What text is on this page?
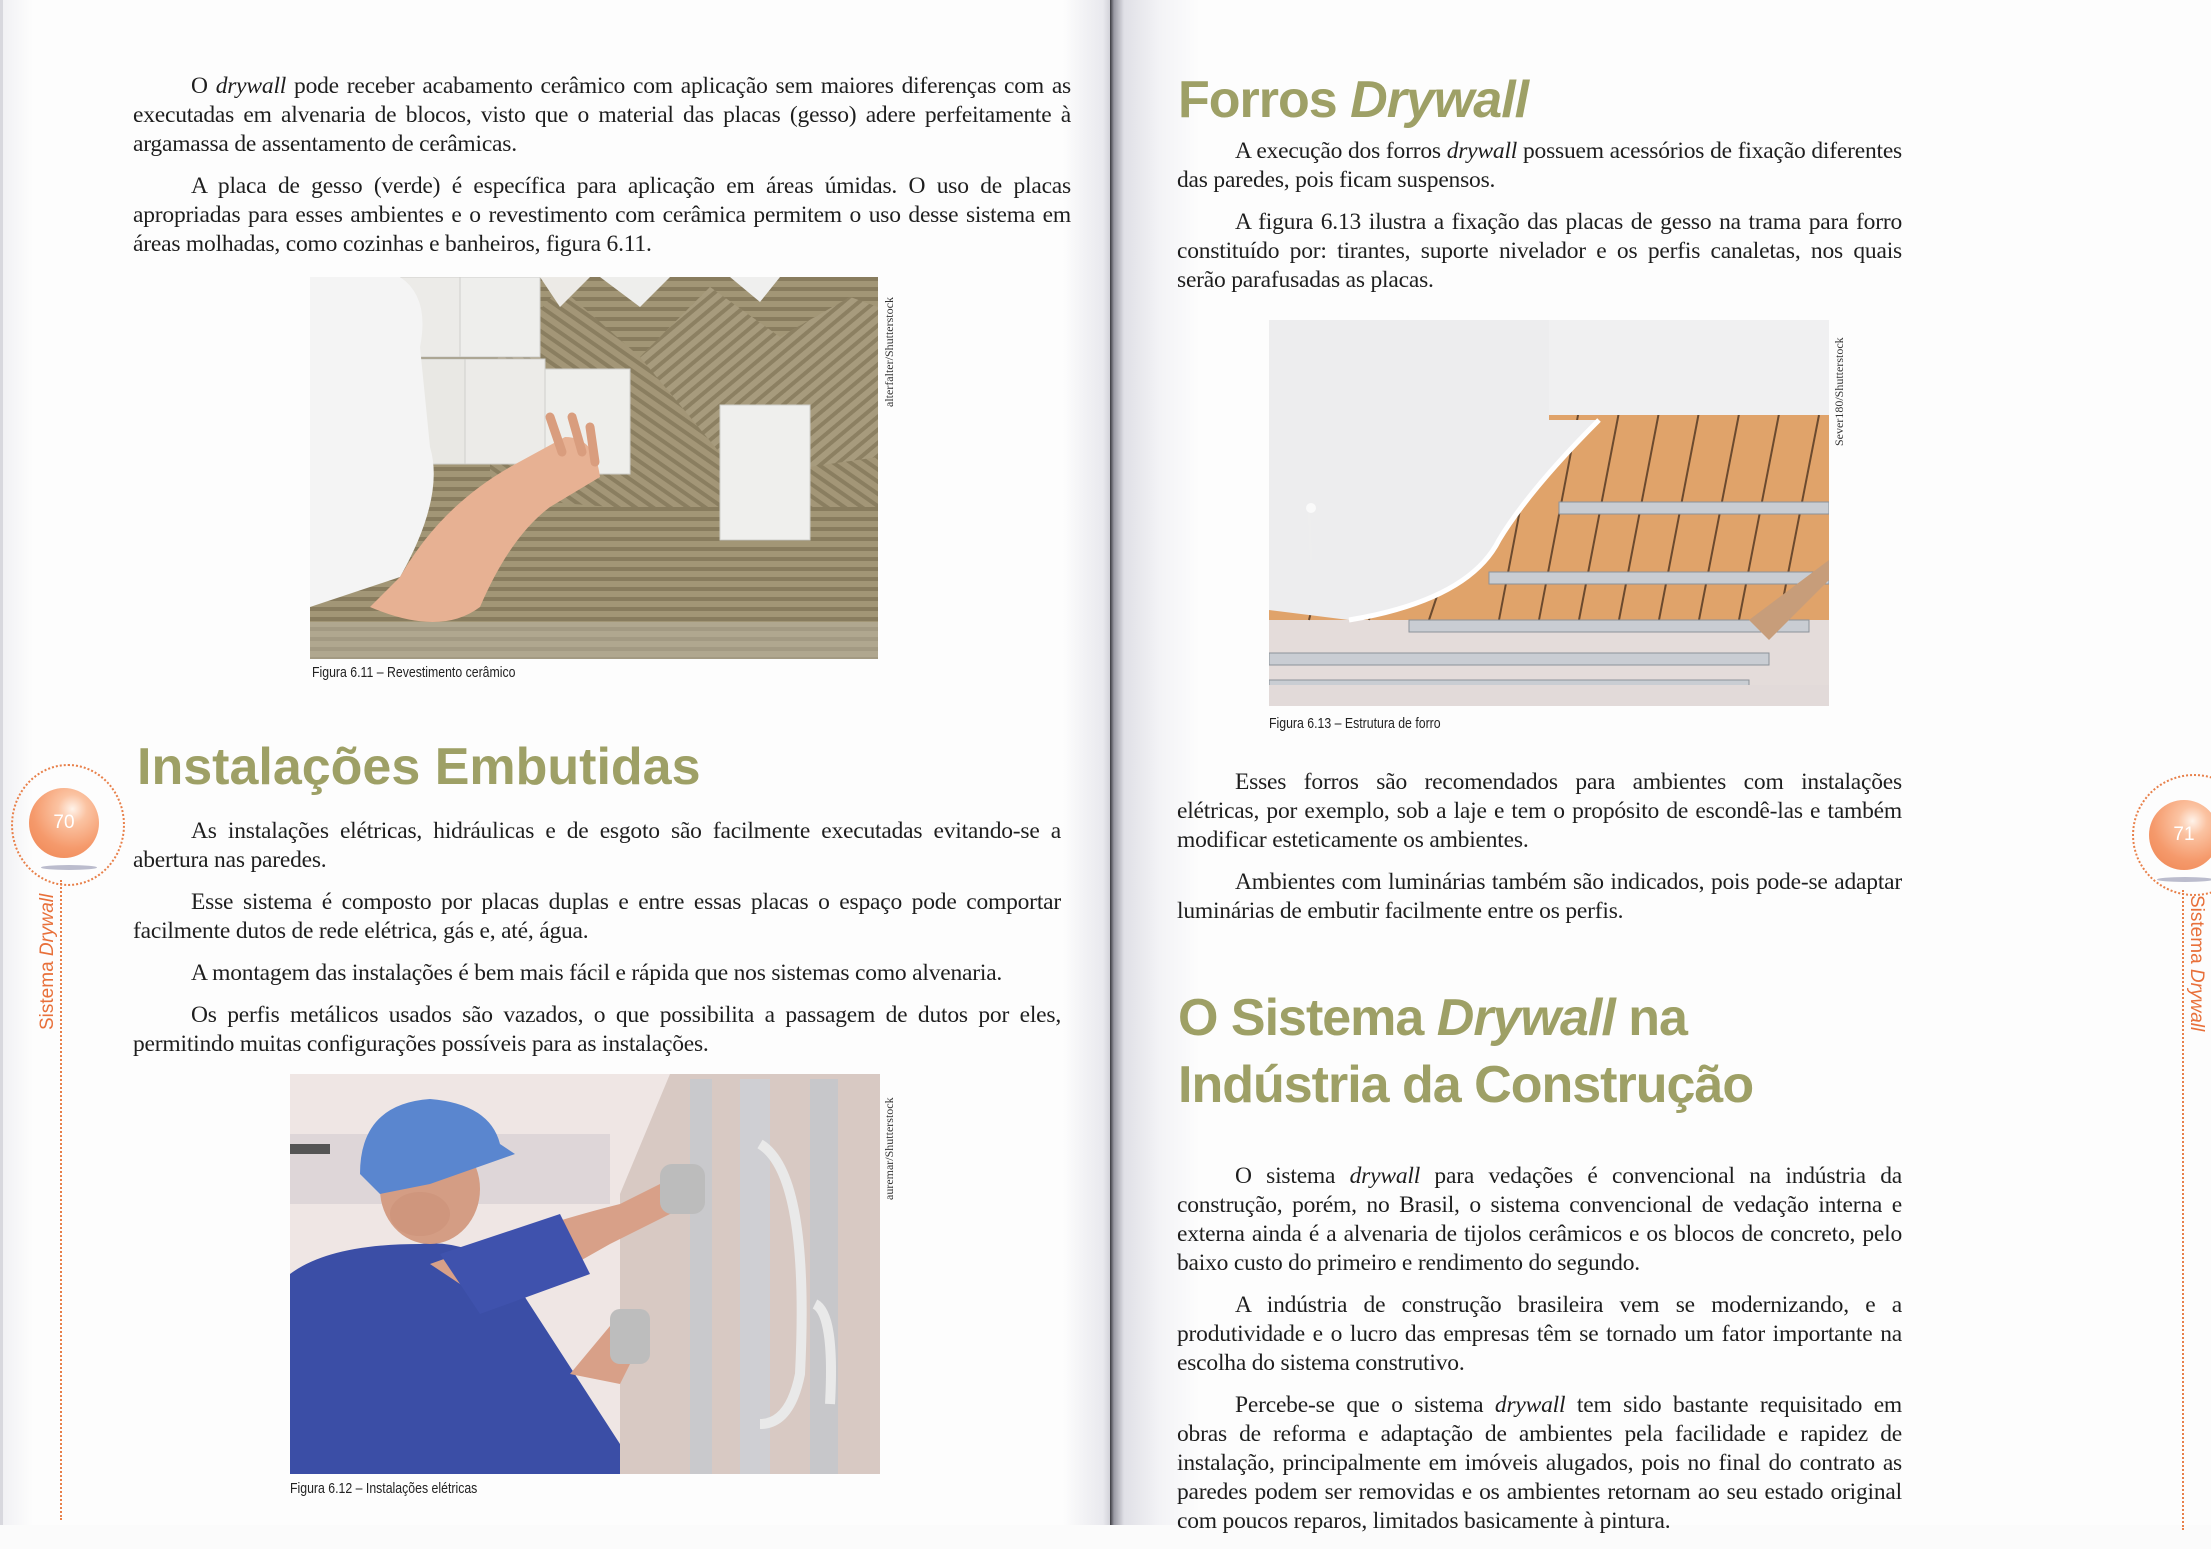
O drywall pode receber acabamento cerâmico com aplicação sem maiores diferenças com as executadas em alvenaria de blocos, visto que o material das placas (gesso) adere perfeitamente à argamassa de assentamento de cerâmicas.

A placa de gesso (verde) é específica para aplicação em áreas úmidas. O uso de placas apropriadas para esses ambientes e o revestimento com cerâmica permitem o uso desse sistema em áreas molhadas, como cozinhas e banheiros, figura 6.11.

alterfalter/Shutterstock
Figura 6.11 – Revestimento cerâmico
Instalações Embutidas

As instalações elétricas, hidráulicas e de esgoto são facilmente executadas evitando-se a abertura nas paredes.

Esse sistema é composto por placas duplas e entre essas placas o espaço pode comportar facilmente dutos de rede elétrica, gás e, até, água.

A montagem das instalações é bem mais fácil e rápida que nos sistemas como alvenaria.

Os perfis metálicos usados são vazados, o que possibilita a passagem de dutos por eles, permitindo muitas configurações possíveis para as instalações.

auremar/Shutterstock
Figura 6.12 – Instalações elétricas
70
Sistema Drywall
Forros Drywall

A execução dos forros drywall possuem acessórios de fixação diferentes das paredes, pois ficam suspensos.

A figura 6.13 ilustra a fixação das placas de gesso na trama para forro constituído por: tirantes, suporte nivelador e os perfis canaletas, nos quais serão parafusadas as placas.

Sever180/Shutterstock
Figura 6.13 – Estrutura de forro

Esses forros são recomendados para ambientes com instalações elétricas, por exemplo, sob a laje e tem o propósito de escondê-las e também modificar esteticamente os ambientes.

Ambientes com luminárias também são indicados, pois pode-se adaptar luminárias de embutir facilmente entre os perfis.

O Sistema Drywall na
Indústria da Construção

O sistema drywall para vedações é convencional na indústria da construção, porém, no Brasil, o sistema convencional de vedação interna e externa ainda é a alvenaria de tijolos cerâmicos e os blocos de concreto, pelo baixo custo do primeiro e rendimento do segundo.

A indústria de construção brasileira vem se modernizando, e a produtividade e o lucro das empresas têm se tornado um fator importante na escolha do sistema construtivo.

Percebe-se que o sistema drywall tem sido bastante requisitado em obras de reforma e adaptação de ambientes pela facilidade e rapidez de instalação, principalmente em imóveis alugados, pois no final do contrato as paredes podem ser removidas e os ambientes retornam ao seu estado original com poucos reparos, limitados basicamente à pintura.

71
Sistema Drywall
